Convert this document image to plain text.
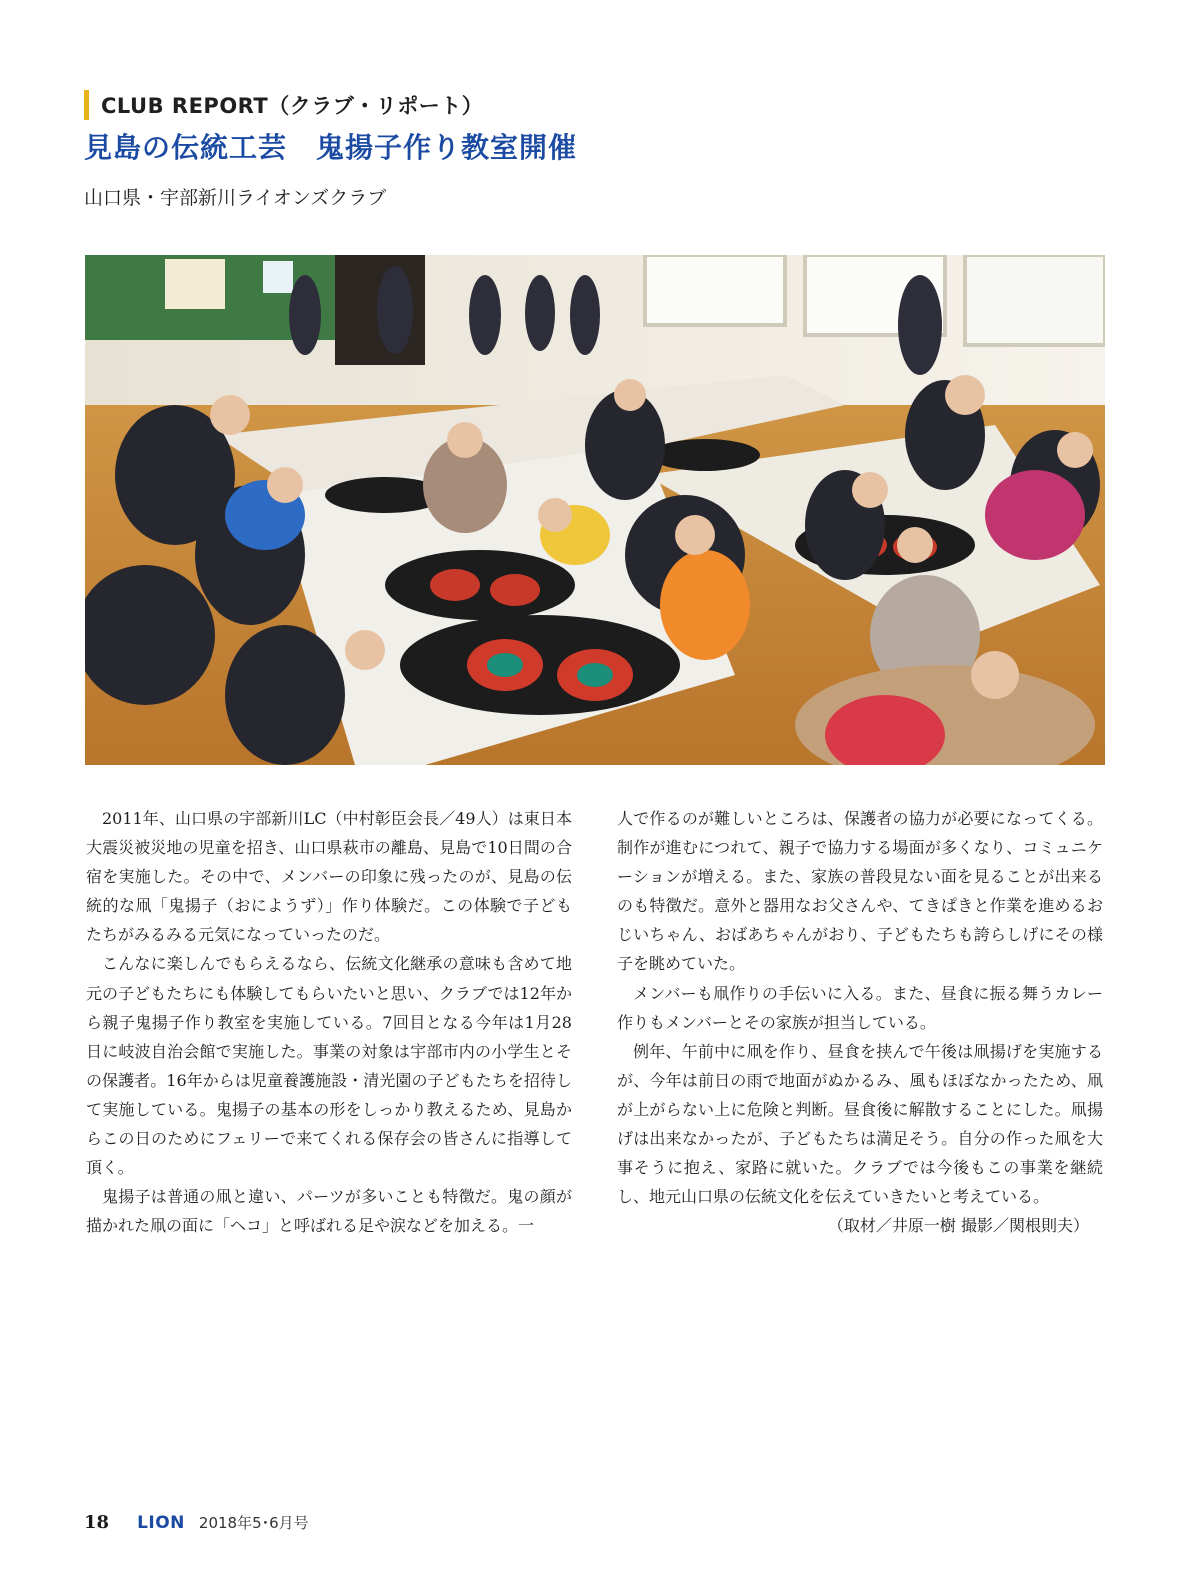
CLUB REPORT（クラブ・リポート）
見島の伝統工芸　鬼揚子作り教室開催
山口県・宇部新川ライオンズクラブ

2011年、山口県の宇部新川LC（中村彰臣会長／49人）は東日本大震災被災地の児童を招き、山口県萩市の離島、見島で10日間の合宿を実施した。その中で、メンバーの印象に残ったのが、見島の伝統的な凧「鬼揚子（おにようず）」作り体験だ。この体験で子どもたちがみるみる元気になっていったのだ。

こんなに楽しんでもらえるなら、伝統文化継承の意味も含めて地元の子どもたちにも体験してもらいたいと思い、クラブでは12年から親子鬼揚子作り教室を実施している。7回目となる今年は1月28日に岐波自治会館で実施した。事業の対象は宇部市内の小学生とその保護者。16年からは児童養護施設・清光園の子どもたちを招待して実施している。鬼揚子の基本の形をしっかり教えるため、見島からこの日のためにフェリーで来てくれる保存会の皆さんに指導して頂く。

鬼揚子は普通の凧と違い、パーツが多いことも特徴だ。鬼の顔が描かれた凧の面に「ヘコ」と呼ばれる足や涙などを加える。一

人で作るのが難しいところは、保護者の協力が必要になってくる。制作が進むにつれて、親子で協力する場面が多くなり、コミュニケーションが増える。また、家族の普段見ない面を見ることが出来るのも特徴だ。意外と器用なお父さんや、てきぱきと作業を進めるおじいちゃん、おばあちゃんがおり、子どもたちも誇らしげにその様子を眺めていた。

メンバーも凧作りの手伝いに入る。また、昼食に振る舞うカレー作りもメンバーとその家族が担当している。

例年、午前中に凧を作り、昼食を挟んで午後は凧揚げを実施するが、今年は前日の雨で地面がぬかるみ、風もほぼなかったため、凧が上がらない上に危険と判断。昼食後に解散することにした。凧揚げは出来なかったが、子どもたちは満足そう。自分の作った凧を大事そうに抱え、家路に就いた。クラブでは今後もこの事業を継続し、地元山口県の伝統文化を伝えていきたいと考えている。

（取材／井原一樹 撮影／関根則夫）

18 LION 2018年5･6月号
